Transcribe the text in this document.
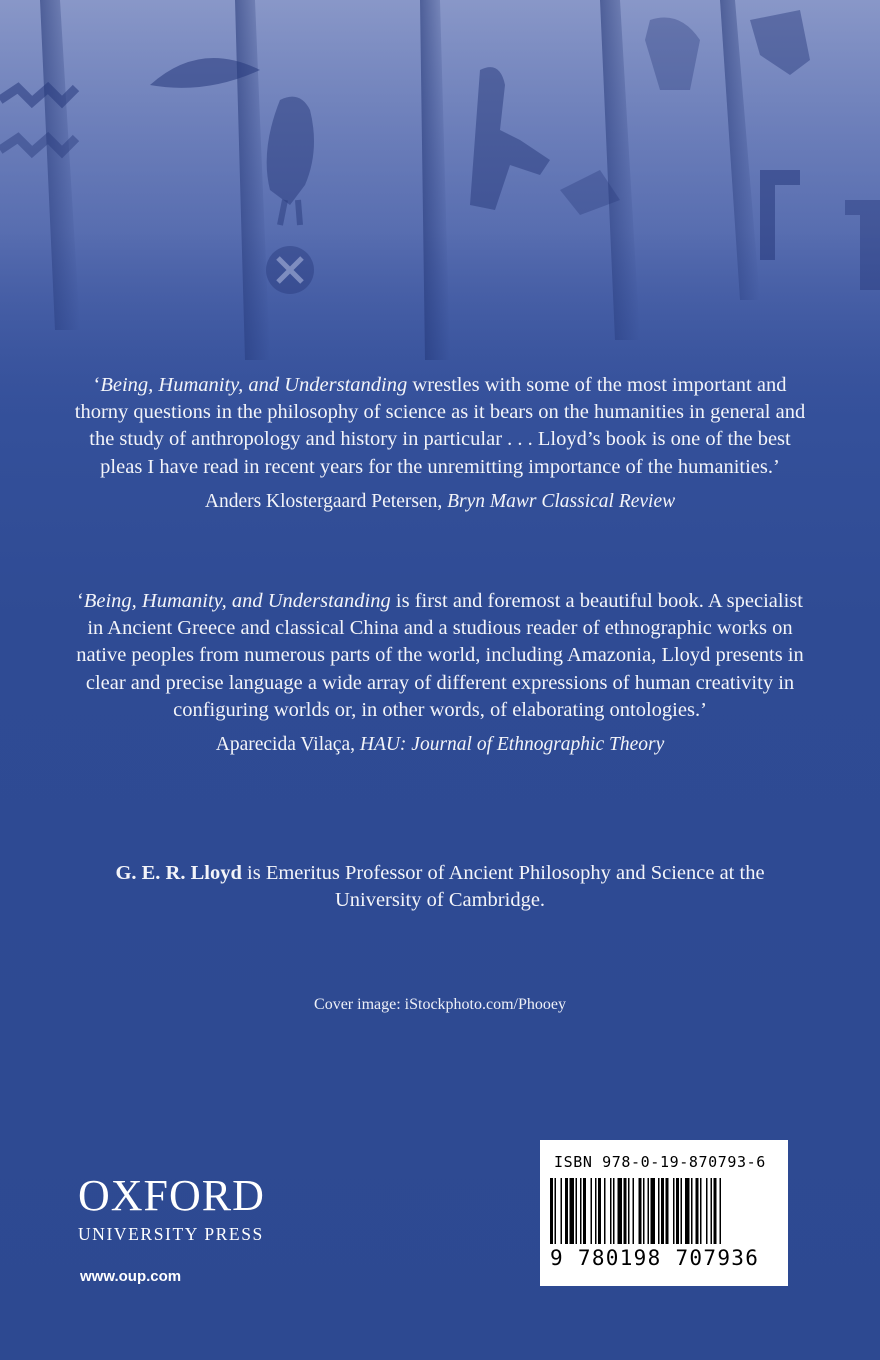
‘Being, Humanity, and Understanding wrestles with some of the most important and thorny questions in the philosophy of science as it bears on the humanities in general and the study of anthropology and history in particular . . . Lloyd’s book is one of the best pleas I have read in recent years for the unremitting importance of the humanities.’

Anders Klostergaard Petersen, Bryn Mawr Classical Review

‘Being, Humanity, and Understanding is first and foremost a beautiful book. A specialist in Ancient Greece and classical China and a studious reader of ethnographic works on native peoples from numerous parts of the world, including Amazonia, Lloyd presents in clear and precise language a wide array of different expressions of human creativity in configuring worlds or, in other words, of elaborating ontologies.’

Aparecida Vilaça, HAU: Journal of Ethnographic Theory

G. E. R. Lloyd is Emeritus Professor of Ancient Philosophy and Science at the University of Cambridge.

Cover image: iStockphoto.com/Phooey

OXFORD
UNIVERSITY PRESS
www.oup.com
ISBN 978-0-19-870793-6
9 780198 707936
